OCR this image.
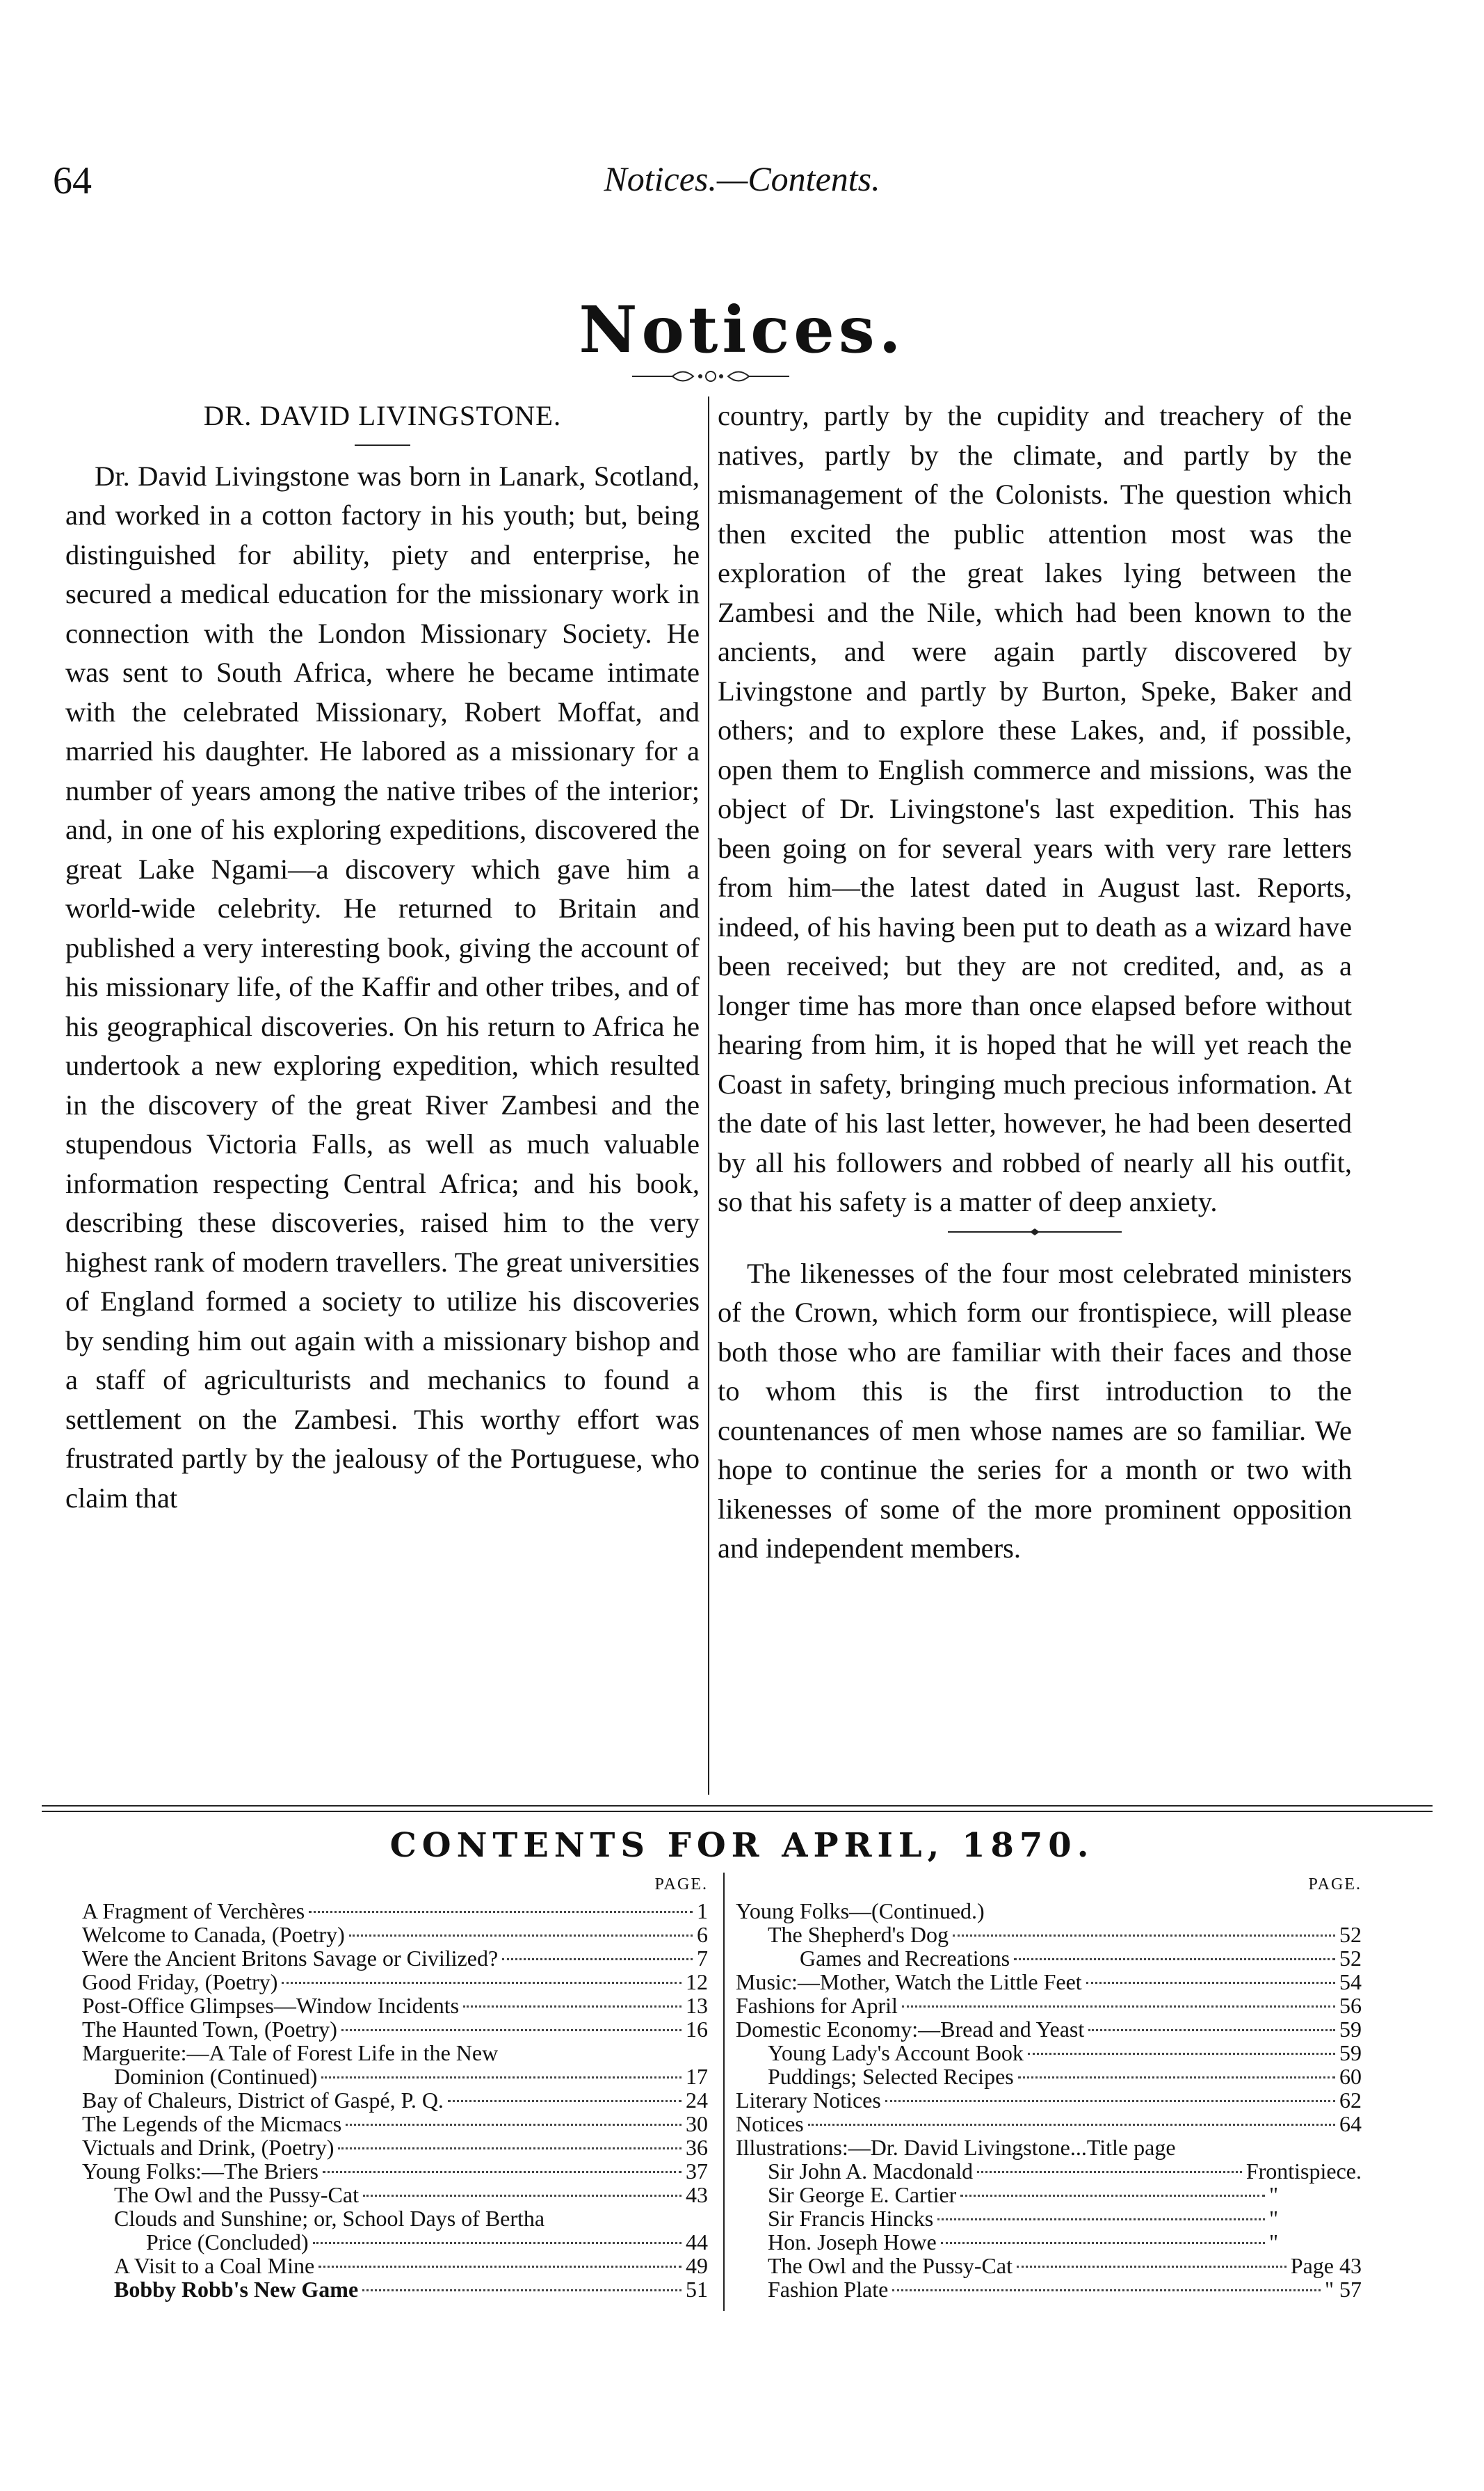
64	Notices.—Contents.
Notices.
DR. DAVID LIVINGSTONE.

Dr. David Livingstone was born in Lanark, Scotland, and worked in a cotton factory in his youth; but, being distinguished for ability, piety and enterprise, he secured a medical education for the missionary work in connection with the London Missionary Society. He was sent to South Africa, where he became intimate with the celebrated Missionary, Robert Moffat, and married his daughter. He labored as a missionary for a number of years among the native tribes of the interior; and, in one of his exploring expeditions, discovered the great Lake Ngami—a discovery which gave him a world-wide celebrity. He returned to Britain and published a very interesting book, giving the account of his missionary life, of the Kaffir and other tribes, and of his geographical discoveries. On his return to Africa he undertook a new exploring expedition, which resulted in the discovery of the great River Zambesi and the stupendous Victoria Falls, as well as much valuable information respecting Central Africa; and his book, describing these discoveries, raised him to the very highest rank of modern travellers. The great universities of England formed a society to utilize his discoveries by sending him out again with a missionary bishop and a staff of agriculturists and mechanics to found a settlement on the Zambesi. This worthy effort was frustrated partly by the jealousy of the Portuguese, who claim that

country, partly by the cupidity and treachery of the natives, partly by the climate, and partly by the mismanagement of the Colonists. The question which then excited the public attention most was the exploration of the great lakes lying between the Zambesi and the Nile, which had been known to the ancients, and were again partly discovered by Livingstone and partly by Burton, Speke, Baker and others; and to explore these Lakes, and, if possible, open them to English commerce and missions, was the object of Dr. Livingstone's last expedition. This has been going on for several years with very rare letters from him—the latest dated in August last. Reports, indeed, of his having been put to death as a wizard have been received; but they are not credited, and, as a longer time has more than once elapsed before without hearing from him, it is hoped that he will yet reach the Coast in safety, bringing much precious information. At the date of his last letter, however, he had been deserted by all his followers and robbed of nearly all his outfit, so that his safety is a matter of deep anxiety.

The likenesses of the four most celebrated ministers of the Crown, which form our frontispiece, will please both those who are familiar with their faces and those to whom this is the first introduction to the countenances of men whose names are so familiar. We hope to continue the series for a month or two with likenesses of some of the more prominent opposition and independent members.

CONTENTS FOR APRIL, 1870.
PAGE.
A Fragment of Verchères	1
Welcome to Canada, (Poetry)	6
Were the Ancient Britons Savage or Civilized?	7
Good Friday, (Poetry)	12
Post-Office Glimpses—Window Incidents	13
The Haunted Town, (Poetry)	16
Marguerite:—A Tale of Forest Life in the New
Dominion (Continued)	17
Bay of Chaleurs, District of Gaspé, P. Q.	24
The Legends of the Micmacs	30
Victuals and Drink, (Poetry)	36
Young Folks:—The Briers	37
The Owl and the Pussy-Cat	43
Clouds and Sunshine; or, School Days of Bertha
Price (Concluded)	44
A Visit to a Coal Mine	49
Bobby Robb's New Game	51
PAGE.
Young Folks—(Continued.)
The Shepherd's Dog	52
Games and Recreations	52
Music:—Mother, Watch the Little Feet	54
Fashions for April	56
Domestic Economy:—Bread and Yeast	59
Young Lady's Account Book	59
Puddings; Selected Recipes	60
Literary Notices	62
Notices	64
Illustrations:—Dr. David Livingstone...Title page
Sir John A. Macdonald	Frontispiece.
Sir George E. Cartier	"
Sir Francis Hincks	"
Hon. Joseph Howe	"
The Owl and the Pussy-Cat	Page 43
Fashion Plate	" 57
